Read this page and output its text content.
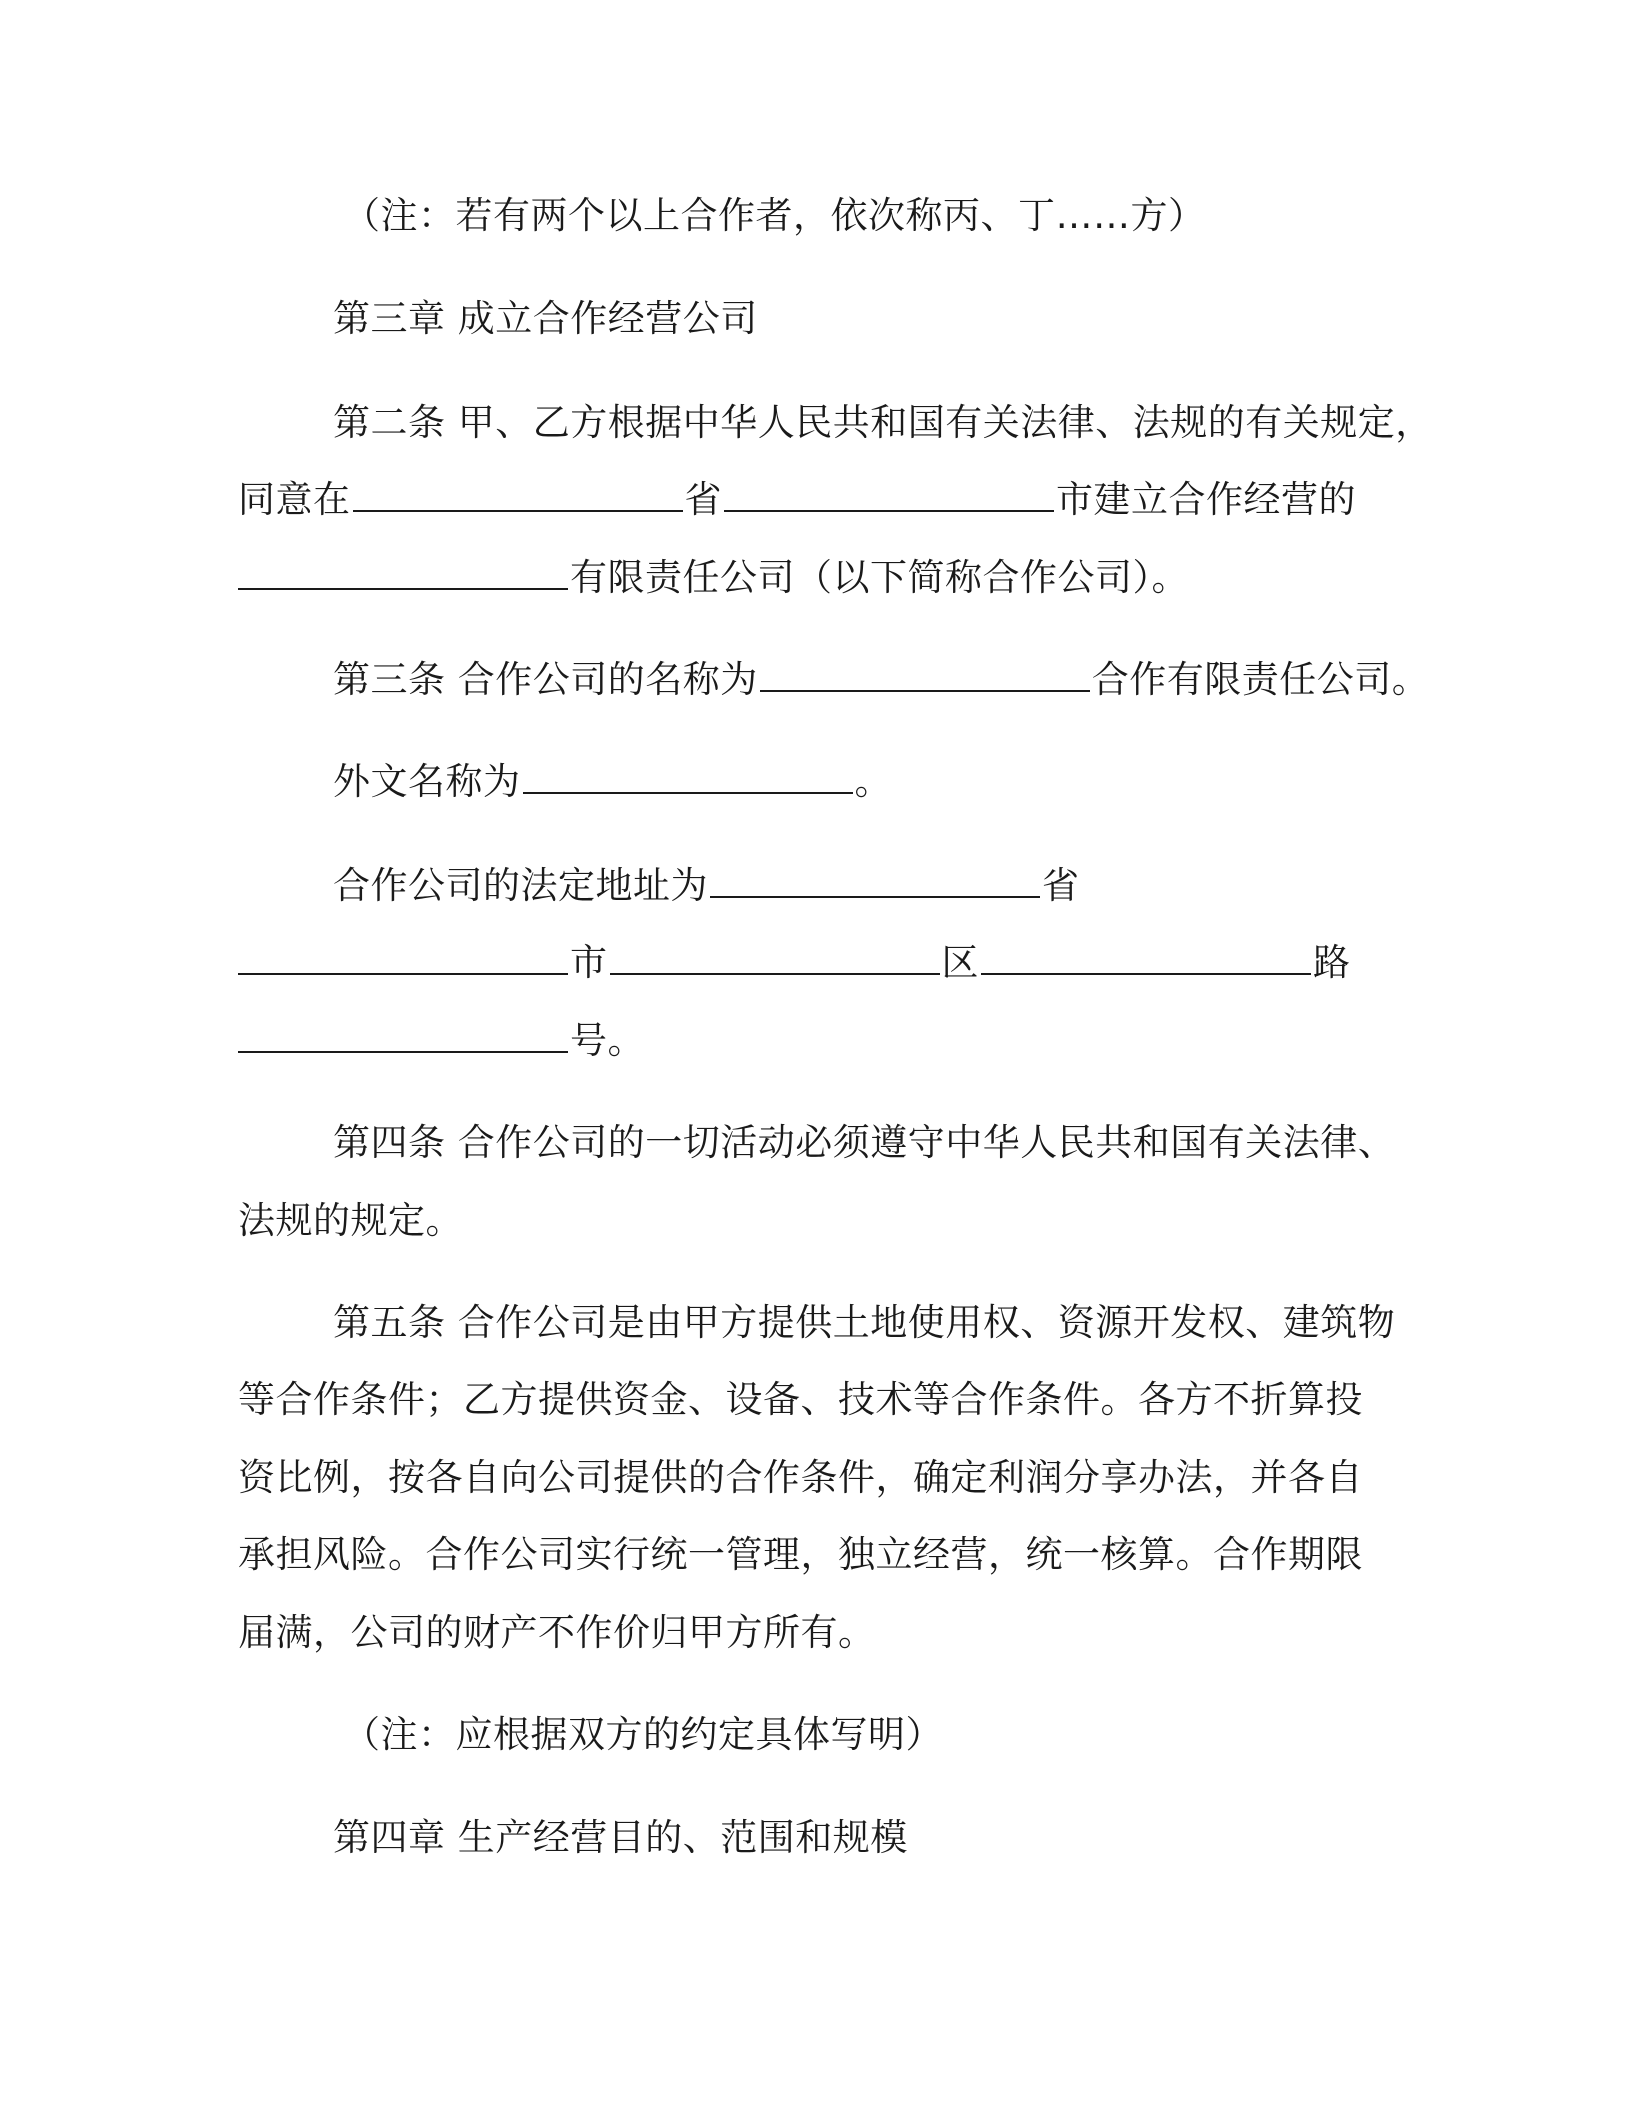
（注：若有两个以上合作者，依次称丙、丁……方）
第三章 成立合作经营公司
第二条 甲、乙方根据中华人民共和国有关法律、法规的有关规定，
同意在	省	市建立合作经营的
有限责任公司（以下简称合作公司）。
第三条 合作公司的名称为	合作有限责任公司。
外文名称为	。
合作公司的法定地址为	省
市	区	路
号。
第四条 合作公司的一切活动必须遵守中华人民共和国有关法律、
法规的规定。
第五条 合作公司是由甲方提供土地使用权、资源开发权、建筑物
等合作条件；乙方提供资金、设备、技术等合作条件。各方不折算投
资比例，按各自向公司提供的合作条件，确定利润分享办法，并各自
承担风险。合作公司实行统一管理，独立经营，统一核算。合作期限
届满，公司的财产不作价归甲方所有。
（注：应根据双方的约定具体写明）
第四章 生产经营目的、范围和规模
